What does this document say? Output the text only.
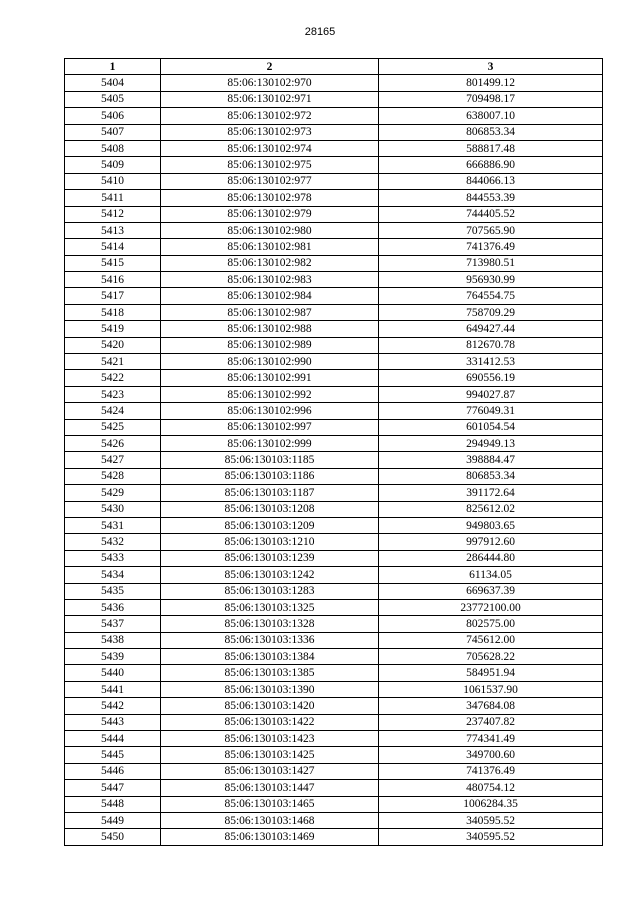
28165
1	2	3
5404	85:06:130102:970	801499.12
5405	85:06:130102:971	709498.17
5406	85:06:130102:972	638007.10
5407	85:06:130102:973	806853.34
5408	85:06:130102:974	588817.48
5409	85:06:130102:975	666886.90
5410	85:06:130102:977	844066.13
5411	85:06:130102:978	844553.39
5412	85:06:130102:979	744405.52
5413	85:06:130102:980	707565.90
5414	85:06:130102:981	741376.49
5415	85:06:130102:982	713980.51
5416	85:06:130102:983	956930.99
5417	85:06:130102:984	764554.75
5418	85:06:130102:987	758709.29
5419	85:06:130102:988	649427.44
5420	85:06:130102:989	812670.78
5421	85:06:130102:990	331412.53
5422	85:06:130102:991	690556.19
5423	85:06:130102:992	994027.87
5424	85:06:130102:996	776049.31
5425	85:06:130102:997	601054.54
5426	85:06:130102:999	294949.13
5427	85:06:130103:1185	398884.47
5428	85:06:130103:1186	806853.34
5429	85:06:130103:1187	391172.64
5430	85:06:130103:1208	825612.02
5431	85:06:130103:1209	949803.65
5432	85:06:130103:1210	997912.60
5433	85:06:130103:1239	286444.80
5434	85:06:130103:1242	61134.05
5435	85:06:130103:1283	669637.39
5436	85:06:130103:1325	23772100.00
5437	85:06:130103:1328	802575.00
5438	85:06:130103:1336	745612.00
5439	85:06:130103:1384	705628.22
5440	85:06:130103:1385	584951.94
5441	85:06:130103:1390	1061537.90
5442	85:06:130103:1420	347684.08
5443	85:06:130103:1422	237407.82
5444	85:06:130103:1423	774341.49
5445	85:06:130103:1425	349700.60
5446	85:06:130103:1427	741376.49
5447	85:06:130103:1447	480754.12
5448	85:06:130103:1465	1006284.35
5449	85:06:130103:1468	340595.52
5450	85:06:130103:1469	340595.52
